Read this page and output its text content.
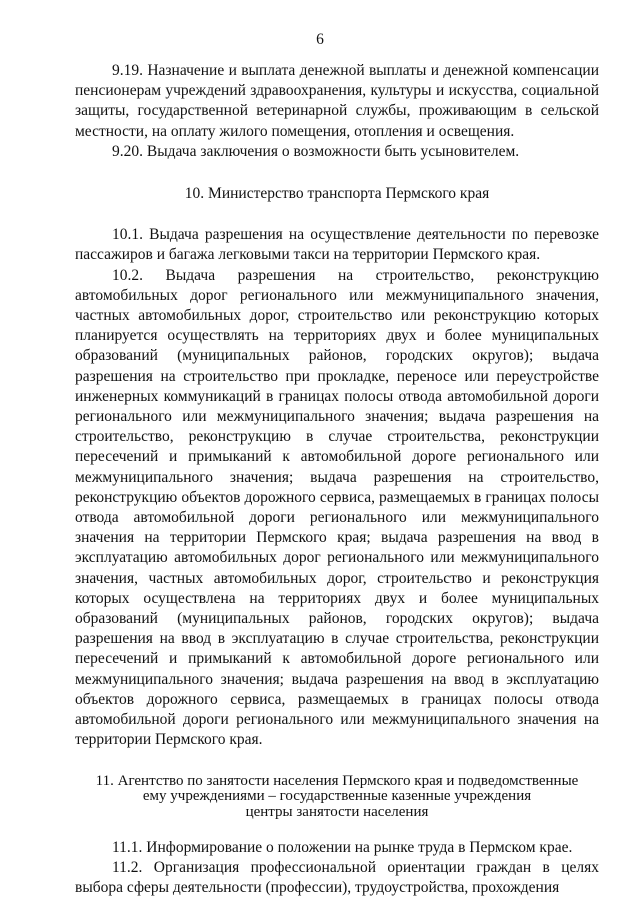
6

9.19. Назначение и выплата денежной выплаты и денежной компенсации пенсионерам учреждений здравоохранения, культуры и искусства, социальной защиты, государственной ветеринарной службы, проживающим в сельской местности, на оплату жилого помещения, отопления и освещения.

9.20. Выдача заключения о возможности быть усыновителем.

10. Министерство транспорта Пермского края

10.1. Выдача разрешения на осуществление деятельности по перевозке пассажиров и багажа легковыми такси на территории Пермского края.

10.2. Выдача разрешения на строительство, реконструкцию автомобильных дорог регионального или межмуниципального значения, частных автомобильных дорог, строительство или реконструкцию которых планируется осуществлять на территориях двух и более муниципальных образований (муниципальных районов, городских округов); выдача разрешения на строительство при прокладке, переносе или переустройстве инженерных коммуникаций в границах полосы отвода автомобильной дороги регионального или межмуниципального значения; выдача разрешения на строительство, реконструкцию в случае строительства, реконструкции пересечений и примыканий к автомобильной дороге регионального или межмуниципального значения; выдача разрешения на строительство, реконструкцию объектов дорожного сервиса, размещаемых в границах полосы отвода автомобильной дороги регионального или межмуниципального значения на территории Пермского края; выдача разрешения на ввод в эксплуатацию автомобильных дорог регионального или межмуниципального значения, частных автомобильных дорог, строительство и реконструкция которых осуществлена на территориях двух и более муниципальных образований (муниципальных районов, городских округов); выдача разрешения на ввод в эксплуатацию в случае строительства, реконструкции пересечений и примыканий к автомобильной дороге регионального или межмуниципального значения; выдача разрешения на ввод в эксплуатацию объектов дорожного сервиса, размещаемых в границах полосы отвода автомобильной дороги регионального или межмуниципального значения на территории Пермского края.

11. Агентство по занятости населения Пермского края и подведомственные
ему учреждениями – государственные казенные учреждения
центры занятости населения

11.1. Информирование о положении на рынке труда в Пермском крае.

11.2. Организация профессиональной ориентации граждан в целях выбора сферы деятельности (профессии), трудоустройства, прохождения
